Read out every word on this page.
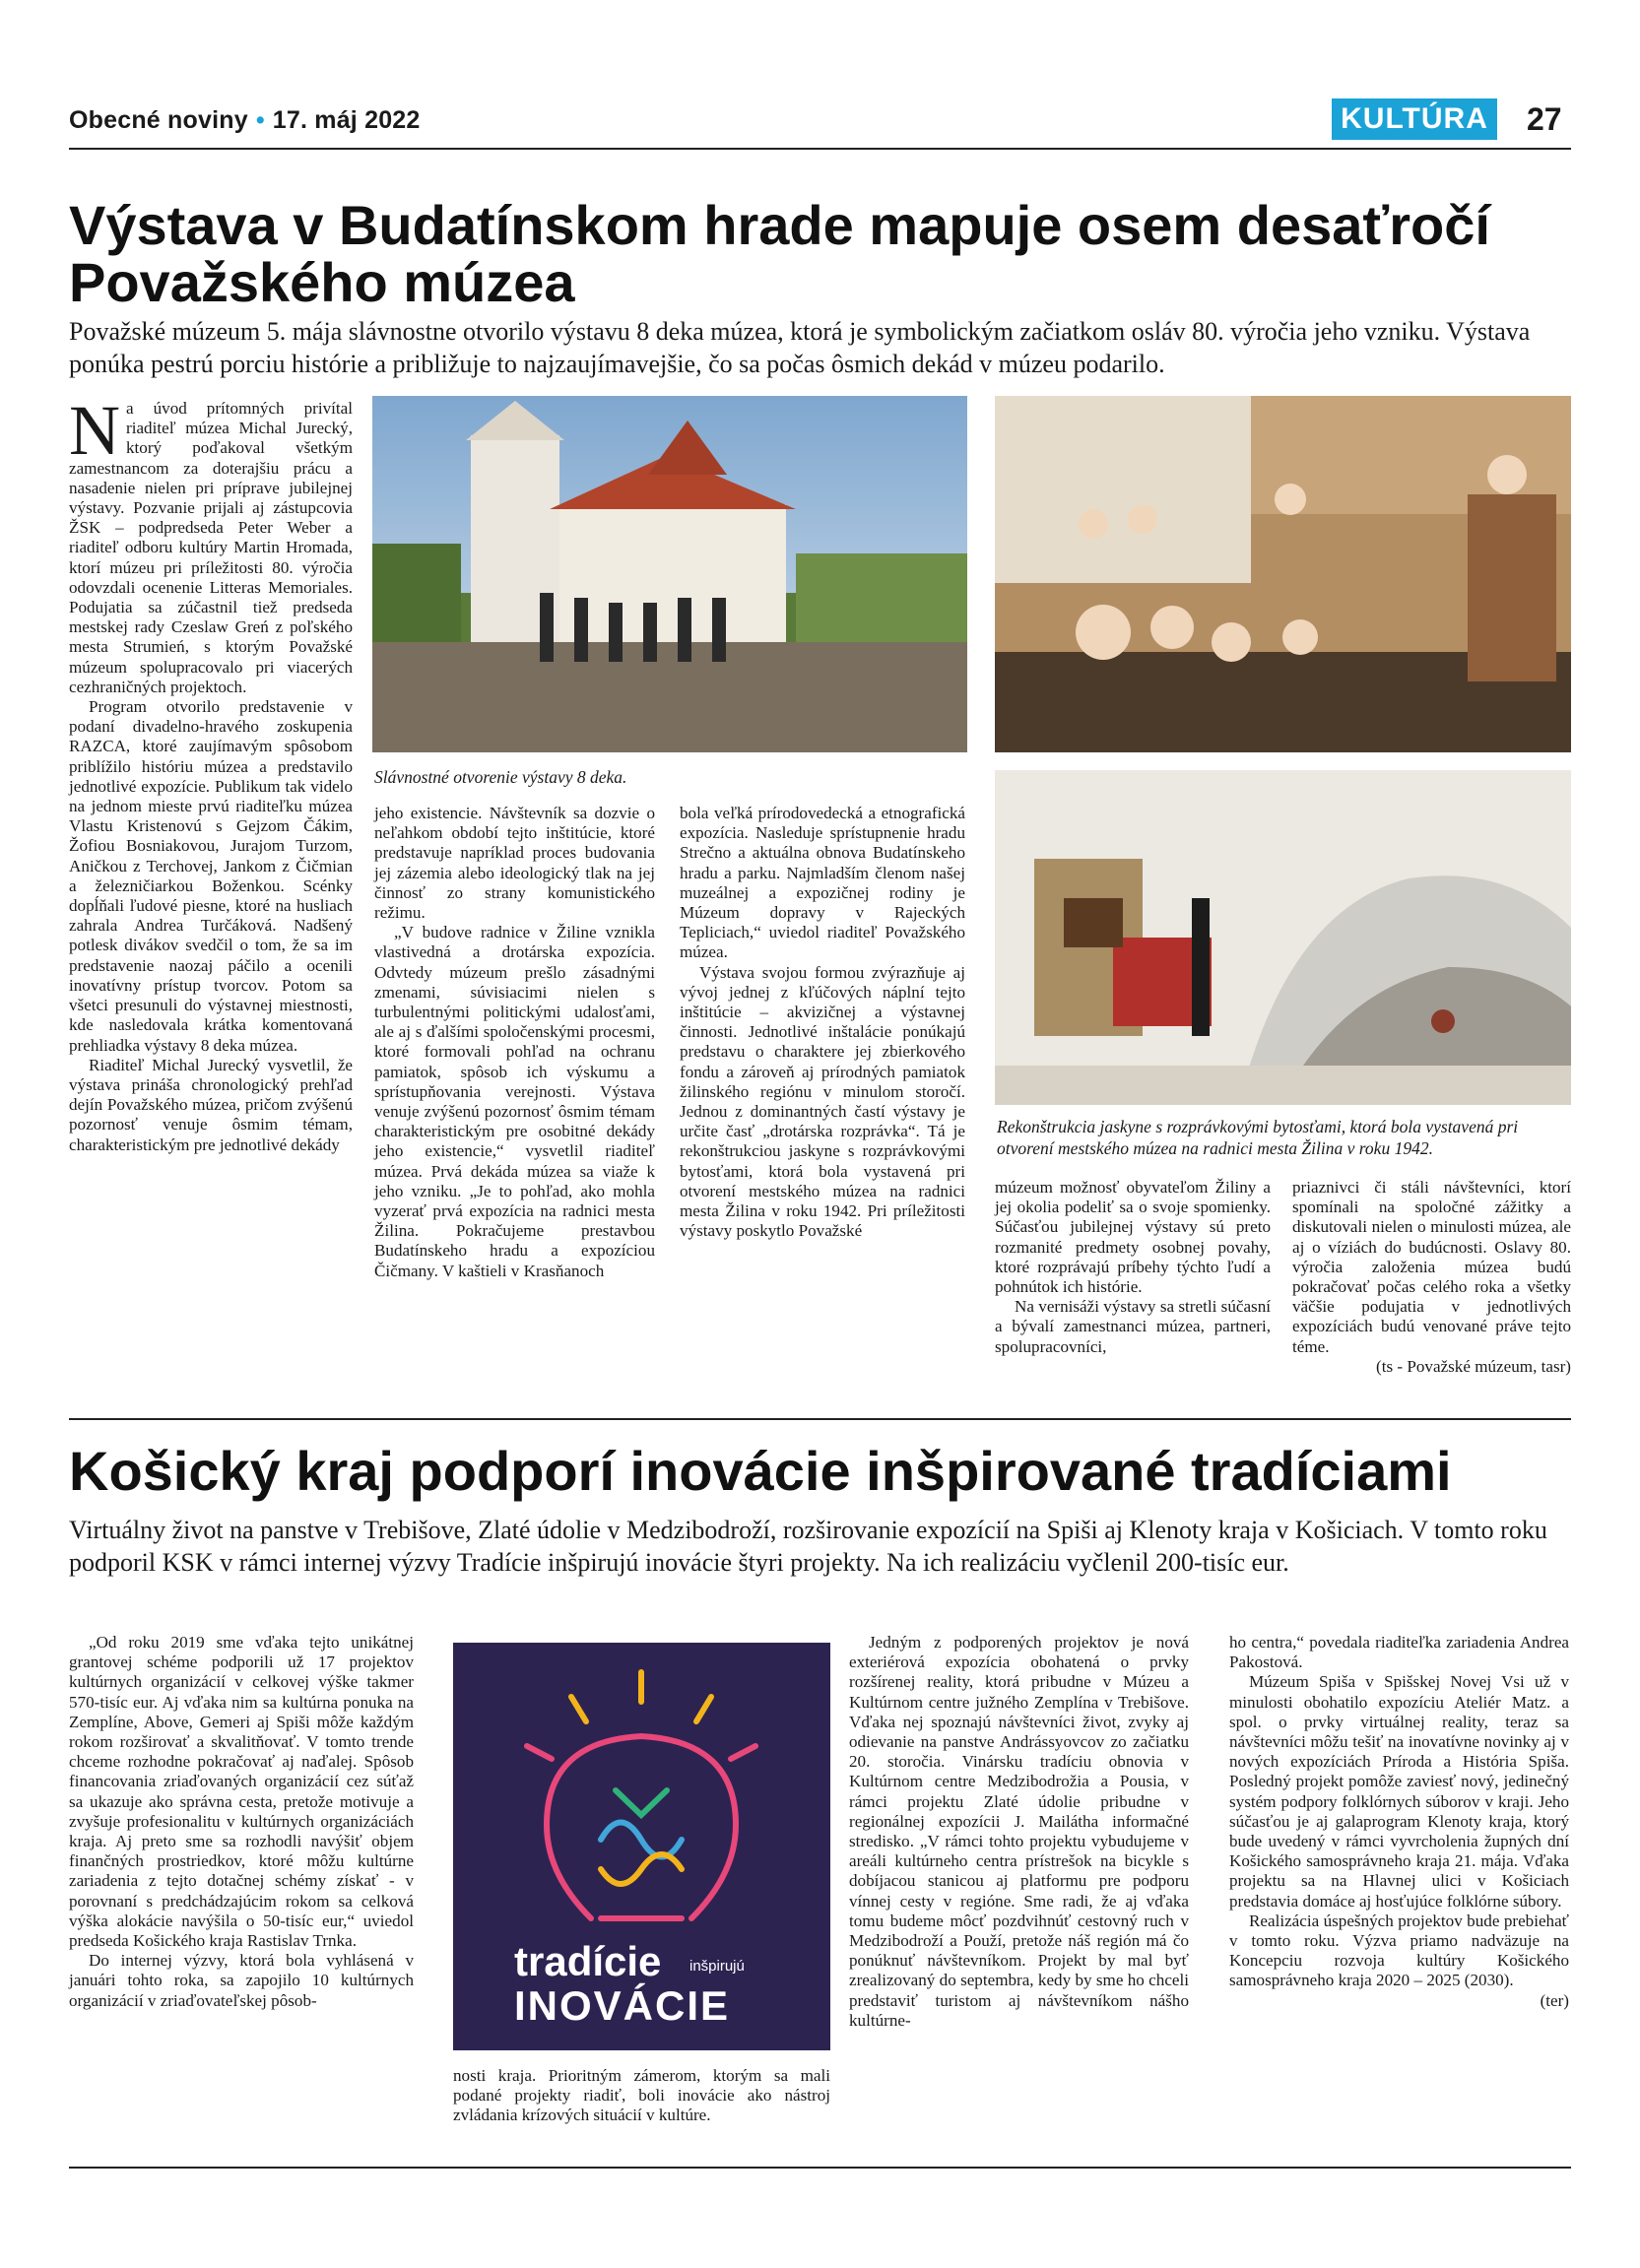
Obecné noviny • 17. máj 2022	KULTÚRA 27
Výstava v Budatínskom hrade mapuje osem desaťročí Považského múzea
Považské múzeum 5. mája slávnostne otvorilo výstavu 8 deka múzea, ktorá je symbolickým začiatkom osláv 80. výročia jeho vzniku. Výstava ponúka pestrú porciu histórie a približuje to najzaujímavejšie, čo sa počas ôsmich dekád v múzeu podarilo.

Na úvod prítomných privítal riaditeľ múzea Michal Jurecký, ktorý poďakoval všetkým zamestnancom za doterajšiu prácu a nasadenie nielen pri príprave jubilejnej výstavy. Pozvanie prijali aj zástupcovia ŽSK – podpredseda Peter Weber a riaditeľ odboru kultúry Martin Hromada, ktorí múzeu pri príležitosti 80. výročia odovzdali ocenenie Litteras Memoriales. Podujatia sa zúčastnil tiež predseda mestskej rady Czeslaw Greń z poľského mesta Strumień, s ktorým Považské múzeum spolupracovalo pri viacerých cezhraničných projektoch.

Program otvorilo predstavenie v podaní divadelno-hravého zoskupenia RAZCA, ktoré zaujímavým spôsobom priblížilo históriu múzea a predstavilo jednotlivé expozície. Publikum tak videlo na jednom mieste prvú riaditeľku múzea Vlastu Kristenovú s Gejzom Čákim, Žofiou Bosniakovou, Jurajom Turzom, Aničkou z Terchovej, Jankom z Čičmian a železničiarkou Boženkou. Scénky dopĺňali ľudové piesne, ktoré na husliach zahrala Andrea Turčáková. Nadšený potlesk divákov svedčil o tom, že sa im predstavenie naozaj páčilo a ocenili inovatívny prístup tvorcov. Potom sa všetci presunuli do výstavnej miestnosti, kde nasledovala krátka komentovaná prehliadka výstavy 8 deka múzea.

Riaditeľ Michal Jurecký vysvetlil, že výstava prináša chronologický prehľad dejín Považského múzea, pričom zvýšenú pozornosť venuje ôsmim témam, charakteristickým pre jednotlivé dekády

Slávnostné otvorenie výstavy 8 deka.
Rekonštrukcia jaskyne s rozprávkovými bytosťami, ktorá bola vystavená pri otvorení mestského múzea na radnici mesta Žilina v roku 1942.

jeho existencie. Návštevník sa dozvie o neľahkom období tejto inštitúcie, ktoré predstavuje napríklad proces budovania jej zázemia alebo ideologický tlak na jej činnosť zo strany komunistického režimu.

„V budove radnice v Žiline vznikla vlastivedná a drotárska expozícia. Odvtedy múzeum prešlo zásadnými zmenami, súvisiacimi nielen s turbulentnými politickými udalosťami, ale aj s ďalšími spoločenskými procesmi, ktoré formovali pohľad na ochranu pamiatok, spôsob ich výskumu a sprístupňovania verejnosti. Výstava venuje zvýšenú pozornosť ôsmim témam charakteristickým pre osobitné dekády jeho existencie,“ vysvetlil riaditeľ múzea. Prvá dekáda múzea sa viaže k jeho vzniku. „Je to pohľad, ako mohla vyzerať prvá expozícia na radnici mesta Žilina. Pokračujeme prestavbou Budatínskeho hradu a expozíciou Čičmany. V kaštieli v Krasňanoch

bola veľká prírodovedecká a etnografická expozícia. Nasleduje sprístupnenie hradu Strečno a aktuálna obnova Budatínskeho hradu a parku. Najmladším členom našej muzeálnej a expozičnej rodiny je Múzeum dopravy v Rajeckých Tepliciach,“ uviedol riaditeľ Považského múzea.

Výstava svojou formou zvýrazňuje aj vývoj jednej z kľúčových náplní tejto inštitúcie – akvizičnej a výstavnej činnosti. Jednotlivé inštalácie ponúkajú predstavu o charaktere jej zbierkového fondu a zároveň aj prírodných pamiatok žilinského regiónu v minulom storočí. Jednou z dominantných častí výstavy je určite časť „drotárska rozprávka“. Tá je rekonštrukciou jaskyne s rozprávkovými bytosťami, ktorá bola vystavená pri otvorení mestského múzea na radnici mesta Žilina v roku 1942. Pri príležitosti výstavy poskytlo Považské

múzeum možnosť obyvateľom Žiliny a jej okolia podeliť sa o svoje spomienky. Súčasťou jubilejnej výstavy sú preto rozmanité predmety osobnej povahy, ktoré rozprávajú príbehy týchto ľudí a pohnútok ich histórie.

Na vernisáži výstavy sa stretli súčasní a bývalí zamestnanci múzea, partneri, spolupracovníci,

priaznivci či stáli návštevníci, ktorí spomínali na spoločné zážitky a diskutovali nielen o minulosti múzea, ale aj o víziách do budúcnosti. Oslavy 80. výročia založenia múzea budú pokračovať počas celého roka a všetky väčšie podujatia v jednotlivých expozíciách budú venované práve tejto téme.

(ts - Považské múzeum, tasr)

Košický kraj podporí inovácie inšpirované tradíciami
Virtuálny život na panstve v Trebišove, Zlaté údolie v Medzibodroží, rozširovanie expozícií na Spiši aj Klenoty kraja v Košiciach. V tomto roku podporil KSK v rámci internej výzvy Tradície inšpirujú inovácie štyri projekty. Na ich realizáciu vyčlenil 200-tisíc eur.

„Od roku 2019 sme vďaka tejto unikátnej grantovej schéme podporili už 17 projektov kultúrnych organizácií v celkovej výške takmer 570-tisíc eur. Aj vďaka nim sa kultúrna ponuka na Zemplíne, Above, Gemeri aj Spiši môže každým rokom rozširovať a skvalitňovať. V tomto trende chceme rozhodne pokračovať aj naďalej. Spôsob financovania zriaďovaných organizácií cez súťaž sa ukazuje ako správna cesta, pretože motivuje a zvyšuje profesionalitu v kultúrnych organizáciách kraja. Aj preto sme sa rozhodli navýšiť objem finančných prostriedkov, ktoré môžu kultúrne zariadenia z tejto dotačnej schémy získať - v porovnaní s predchádzajúcim rokom sa celková výška alokácie navýšila o 50-tisíc eur,“ uviedol predseda Košického kraja Rastislav Trnka.

Do internej výzvy, ktorá bola vyhlásená v januári tohto roka, sa zapojilo 10 kultúrnych organizácií v zriaďovateľskej pôsob-

tradície inšpirujú
INOVÁCIE

nosti kraja. Prioritným zámerom, ktorým sa mali podané projekty riadiť, boli inovácie ako nástroj zvládania krízových situácií v kultúre.

Jedným z podporených projektov je nová exteriérová expozícia obohatená o prvky rozšírenej reality, ktorá pribudne v Múzeu a Kultúrnom centre južného Zemplína v Trebišove. Vďaka nej spoznajú návštevníci život, zvyky aj odievanie na panstve Andrássyovcov zo začiatku 20. storočia. Vinársku tradíciu obnovia v Kultúrnom centre Medzibodrožia a Pousia, v rámci projektu Zlaté údolie pribudne v regionálnej expozícii J. Mailátha informačné stredisko. „V rámci tohto projektu vybudujeme v areáli kultúrneho centra prístrešok na bicykle s dobíjacou stanicou aj platformu pre podporu vínnej cesty v regióne. Sme radi, že aj vďaka tomu budeme môcť pozdvihnúť cestovný ruch v Medzibodroží a Použí, pretože náš región má čo ponúknuť návštevníkom. Projekt by mal byť zrealizovaný do septembra, kedy by sme ho chceli predstaviť turistom aj návštevníkom nášho kultúrne-

ho centra,“ povedala riaditeľka zariadenia Andrea Pakostová.

Múzeum Spiša v Spišskej Novej Vsi už v minulosti obohatilo expozíciu Ateliér Matz. a spol. o prvky virtuálnej reality, teraz sa návštevníci môžu tešiť na inovatívne novinky aj v nových expozíciách Príroda a História Spiša. Posledný projekt pomôže zaviesť nový, jedinečný systém podpory folklórnych súborov v kraji. Jeho súčasťou je aj galaprogram Klenoty kraja, ktorý bude uvedený v rámci vyvrcholenia župných dní Košického samosprávneho kraja 21. mája. Vďaka projektu sa na Hlavnej ulici v Košiciach predstavia domáce aj hosťujúce folklórne súbory.

Realizácia úspešných projektov bude prebiehať v tomto roku. Výzva priamo nadväzuje na Koncepciu rozvoja kultúry Košického samosprávneho kraja 2020 – 2025 (2030).

(ter)
